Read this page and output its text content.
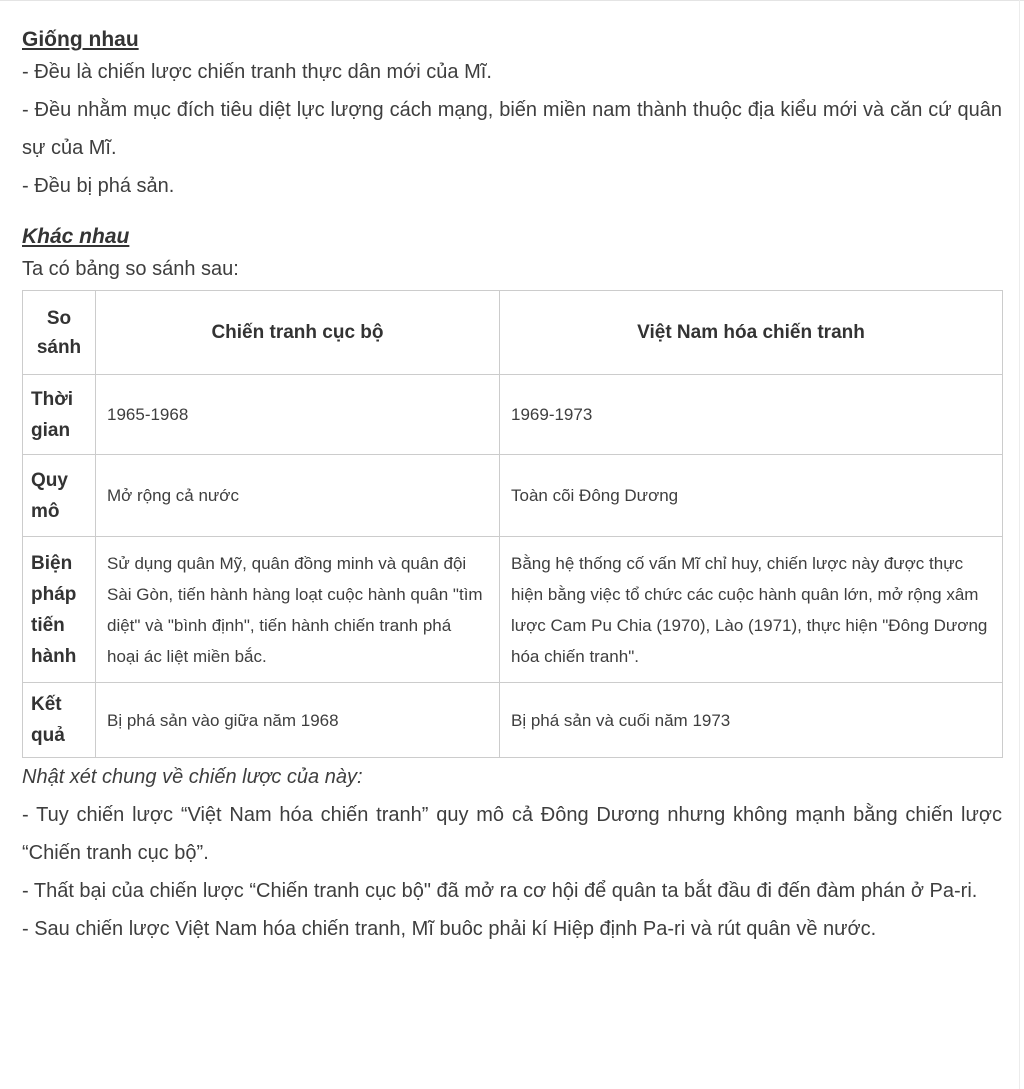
Giống nhau

- Đều là chiến lược chiến tranh thực dân mới của Mĩ.

- Đều nhằm mục đích tiêu diệt lực lượng cách mạng, biến miền nam thành thuộc địa kiểu mới và căn cứ quân sự của Mĩ.

- Đều bị phá sản.

Khác nhau

Ta có bảng so sánh sau:

So sánh	Chiến tranh cục bộ	Việt Nam hóa chiến tranh
Thời gian	1965-1968	1969-1973
Quy mô	Mở rộng cả nước	Toàn cõi Đông Dương
Biện pháp tiến hành	Sử dụng quân Mỹ, quân đồng minh và quân đội Sài Gòn, tiến hành hàng loạt cuộc hành quân "tìm diệt" và "bình định", tiến hành chiến tranh phá hoại ác liệt miền bắc.	Bằng hệ thống cố vấn Mĩ chỉ huy, chiến lược này được thực hiện bằng việc tổ chức các cuộc hành quân lớn, mở rộng xâm lược Cam Pu Chia (1970), Lào (1971), thực hiện "Đông Dương hóa chiến tranh".
Kết quả	Bị phá sản vào giữa năm 1968	Bị phá sản và cuối năm 1973

Nhật xét chung về chiến lược của này:

- Tuy chiến lược “Việt Nam hóa chiến tranh” quy mô cả Đông Dương nhưng không mạnh bằng chiến lược “Chiến tranh cục bộ”.

- Thất bại của chiến lược “Chiến tranh cục bộ" đã mở ra cơ hội để quân ta bắt đầu đi đến đàm phán ở Pa-ri.

- Sau chiến lược Việt Nam hóa chiến tranh, Mĩ buôc phải kí Hiệp định Pa-ri và rút quân về nước.
